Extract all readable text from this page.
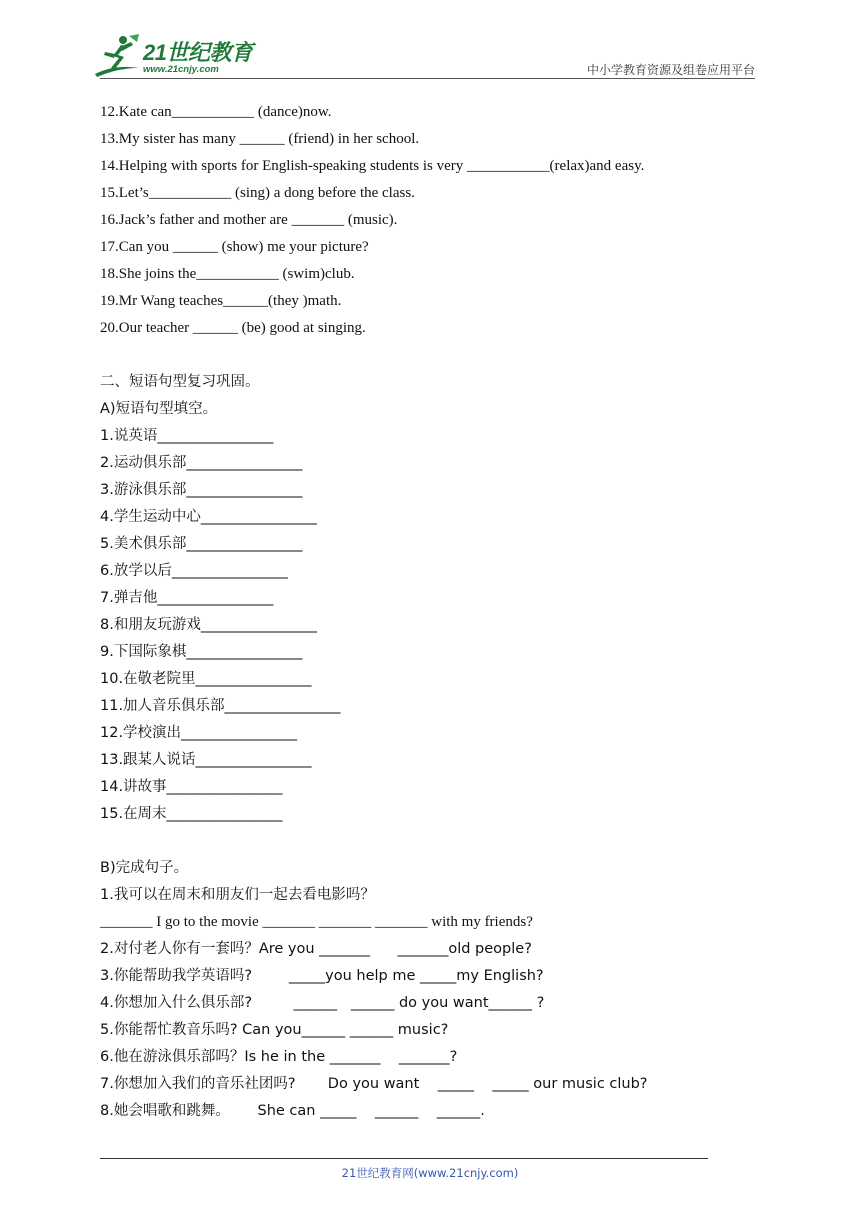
21世纪教育
www.21cnjy.com	中小学教育资源及组卷应用平台
12.Kate can___________ (dance)now.
13.My sister has many ______ (friend) in her school.
14.Helping with sports for English-speaking students is very ___________(relax)and easy.
15.Let’s___________ (sing) a dong before the class.
16.Jack’s father and mother are _______ (music).
17.Can you ______ (show) me your picture?
18.She joins the___________ (swim)club.
19.Mr Wang teaches______(they )math.
20.Our teacher ______ (be) good at singing.
二、短语句型复习巩固。
A)短语句型填空。
1.说英语________________
2.运动俱乐部________________
3.游泳俱乐部________________
4.学生运动中心________________
5.美术俱乐部________________
6.放学以后________________
7.弹吉他________________
8.和朋友玩游戏________________
9.下国际象棋________________
10.在敬老院里________________
11.加人音乐俱乐部________________
12.学校演出________________
13.跟某人说话________________
14.讲故事________________
15.在周末________________
B)完成句子。
1.我可以在周末和朋友们一起去看电影吗？
_______ I go to the movie _______ _______ _______ with my friends?
2.对付老人你有一套吗？Are you _______      _______old people?
3.你能帮助我学英语吗?        _____you help me _____my English?
4.你想加入什么俱乐部?         ______   ______ do you want______ ?
5.你能帮忙教音乐吗? Can you______ ______ music?
6.他在游泳俱乐部吗？Is he in the _______    _______?
7.你想加入我们的音乐社团吗?       Do you want    _____    _____ our music club?
8.她会唱歌和跳舞。      She can _____    ______    ______.
21世纪教育网(www.21cnjy.com)
